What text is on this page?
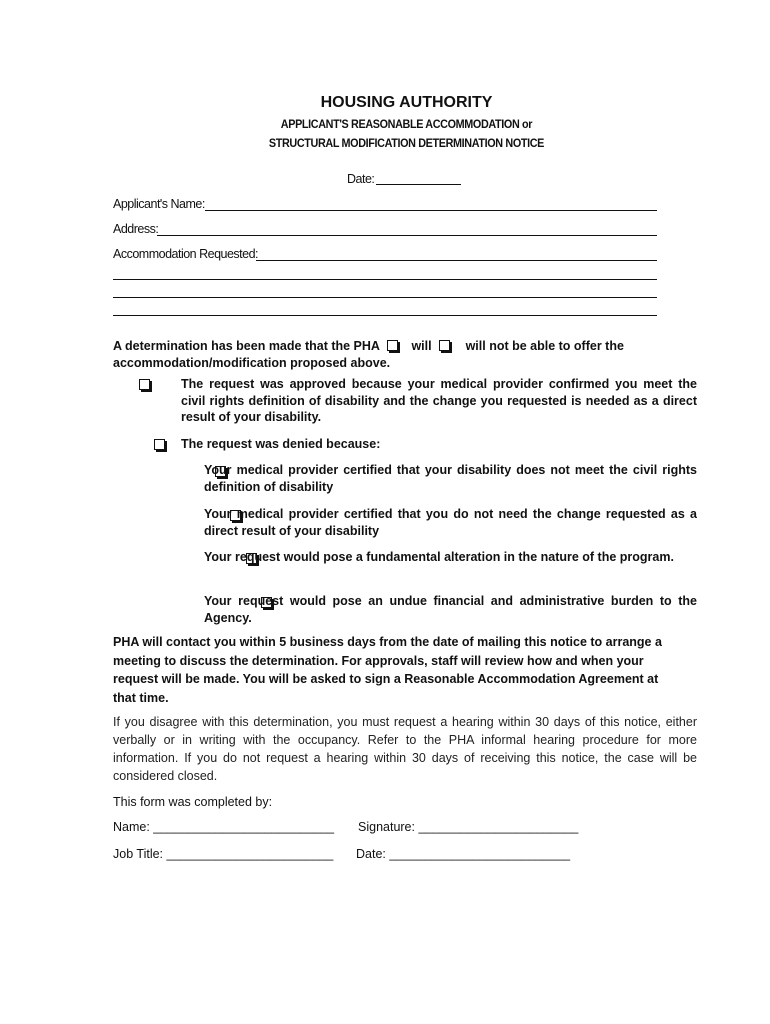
HOUSING AUTHORITY
APPLICANT'S REASONABLE ACCOMMODATION or
STRUCTURAL MODIFICATION DETERMINATION NOTICE
Date:
Applicant's Name:
Address:
Accommodation Requested:
A determination has been made that the PHA	will	will not be able to offer the
accommodation/modification proposed above.

The request was approved because your medical provider confirmed you meet the civil rights definition of disability and the change you requested is needed as a direct result of your disability.

The request was denied because:

Your medical provider certified that your disability does not meet the civil rights definition of disability

Your medical provider certified that you do not need the change requested as a direct result of your disability

Your request would pose a fundamental alteration in the nature of the program.
Your request would pose an undue financial and administrative burden to the Agency.
PHA will contact you within 5 business days from the date of mailing this notice to arrange a meeting to discuss the determination. For approvals, staff will review how and when your request will be made. You will be asked to sign a Reasonable Accommodation Agreement at that time.
If you disagree with this determination, you must request a hearing within 30 days of this notice, either verbally or in writing with the occupancy. Refer to the PHA informal hearing procedure for more information. If you do not request a hearing within 30 days of receiving this notice, the case will be considered closed.
This form was completed by:
Name: __________________________ Signature: _______________________
Job Title: ________________________ Date: __________________________
